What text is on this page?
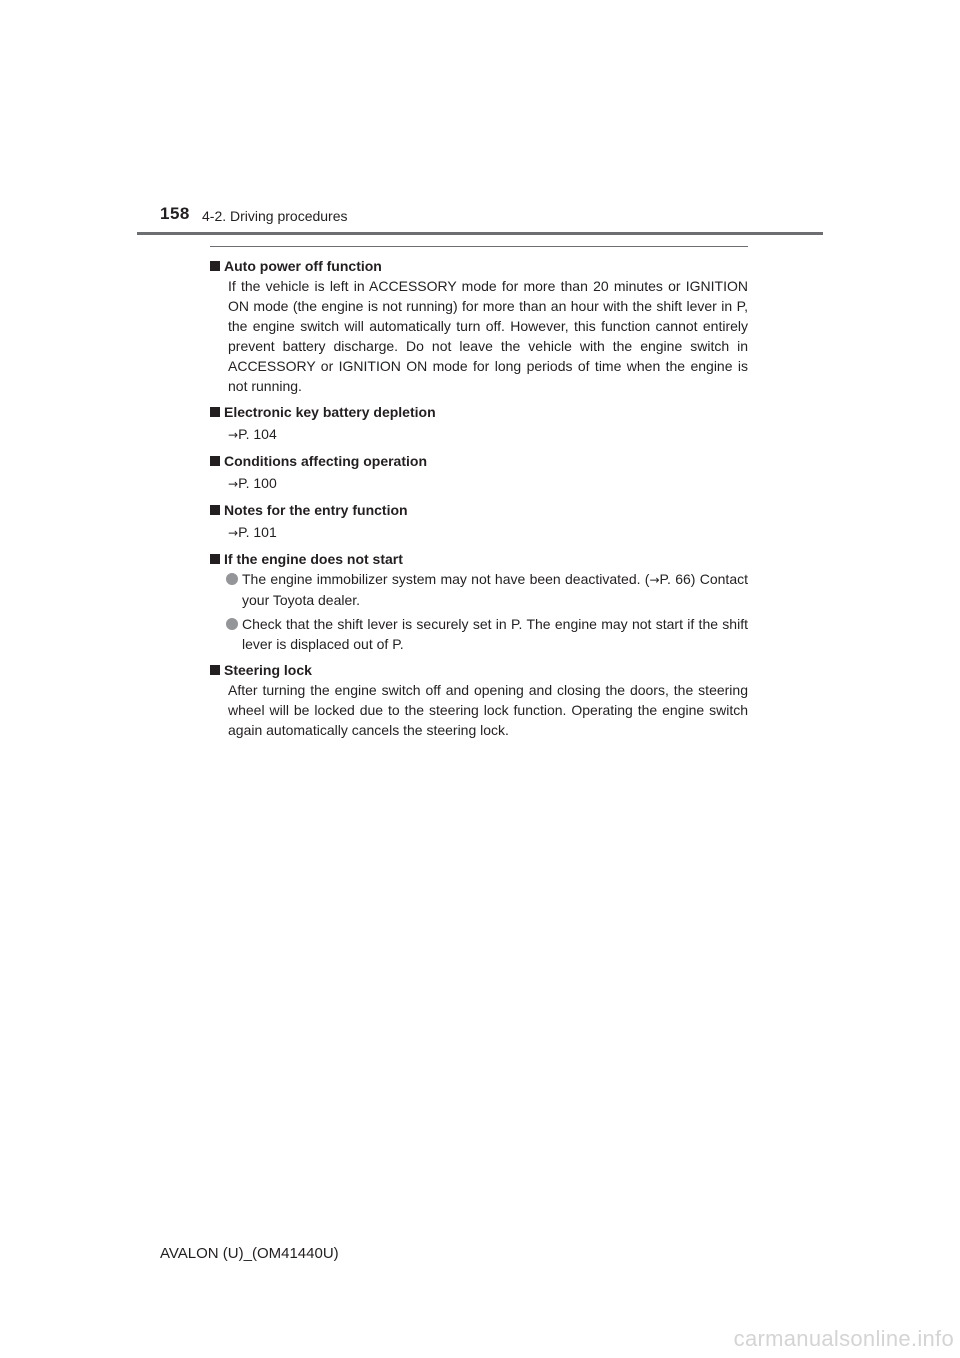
158 4-2. Driving procedures
Auto power off function
If the vehicle is left in ACCESSORY mode for more than 20 minutes or IGNITION ON mode (the engine is not running) for more than an hour with the shift lever in P, the engine switch will automatically turn off. However, this function cannot entirely prevent battery discharge. Do not leave the vehicle with the engine switch in ACCESSORY or IGNITION ON mode for long periods of time when the engine is not running.
Electronic key battery depletion
→P. 104
Conditions affecting operation
→P. 100
Notes for the entry function
→P. 101
If the engine does not start
The engine immobilizer system may not have been deactivated. (→P. 66) Contact your Toyota dealer.
Check that the shift lever is securely set in P. The engine may not start if the shift lever is displaced out of P.
Steering lock
After turning the engine switch off and opening and closing the doors, the steering wheel will be locked due to the steering lock function. Operating the engine switch again automatically cancels the steering lock.
AVALON (U)_(OM41440U)
carmanualsonline.info
